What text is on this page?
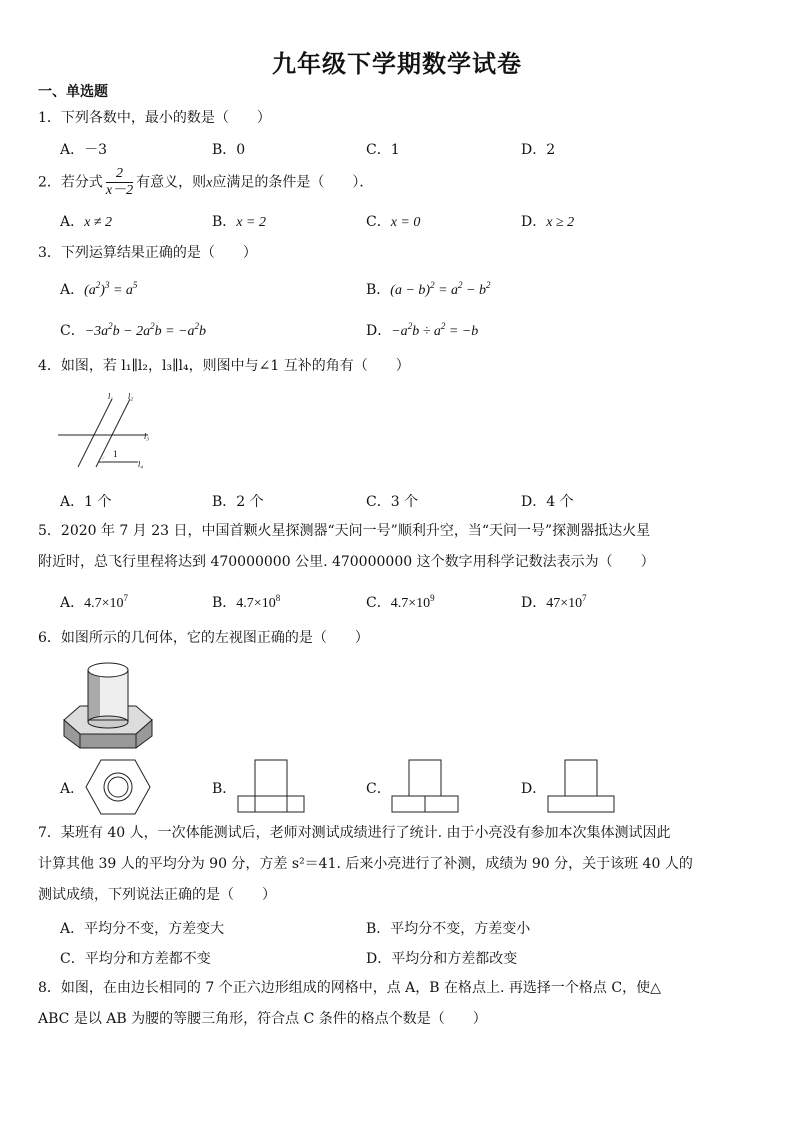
九年级下学期数学试卷
一、单选题
1．下列各数中，最小的数是（　　）
A．－3	B．0	C．1	D．2
2．若分式 $\frac{2}{x-2}$ 有意义，则x应满足的条件是（　　）．
A．x ≠ 2	B．x = 2	C．x = 0	D．x ≥ 2
3．下列运算结果正确的是（　　）
A．$(a^2)^3 = a^5$	B．$(a - b)^2 = a^2 - b^2$
C．$-3a^2b - 2a^2b = -a^2b$	D．$-a^2b \div a^2 = -b$
4．如图，若 l₁∥l₂，l₃∥l₄，则图中与∠1 互补的角有（　　）
l₁ l₂
l₃
l₄
1
A．1 个	B．2 个	C．3 个	D．4 个
5．2020 年 7 月 23 日，中国首颗火星探测器“天问一号”顺利升空，当“天问一号”探测器抵达火星
附近时，总飞行里程将达到 470000000 公里. 470000000 这个数字用科学记数法表示为（　　）
A．$4.7\times 10^7$	B．$4.7\times 10^8$	C．$4.7\times 10^9$	D．$47\times 10^7$
6．如图所示的几何体，它的左视图正确的是（　　）
A．	B．	C．	D．
7．某班有 40 人，一次体能测试后，老师对测试成绩进行了统计. 由于小亮没有参加本次集体测试因此
计算其他 39 人的平均分为 90 分，方差 s²＝41. 后来小亮进行了补测，成绩为 90 分，关于该班 40 人的
测试成绩，下列说法正确的是（　　）
A．平均分不变，方差变大	B．平均分不变，方差变小
C．平均分和方差都不变	D．平均分和方差都改变
8．如图，在由边长相同的 7 个正六边形组成的网格中，点 A，B 在格点上. 再选择一个格点 C，使△
ABC 是以 AB 为腰的等腰三角形，符合点 C 条件的格点个数是（　　）
